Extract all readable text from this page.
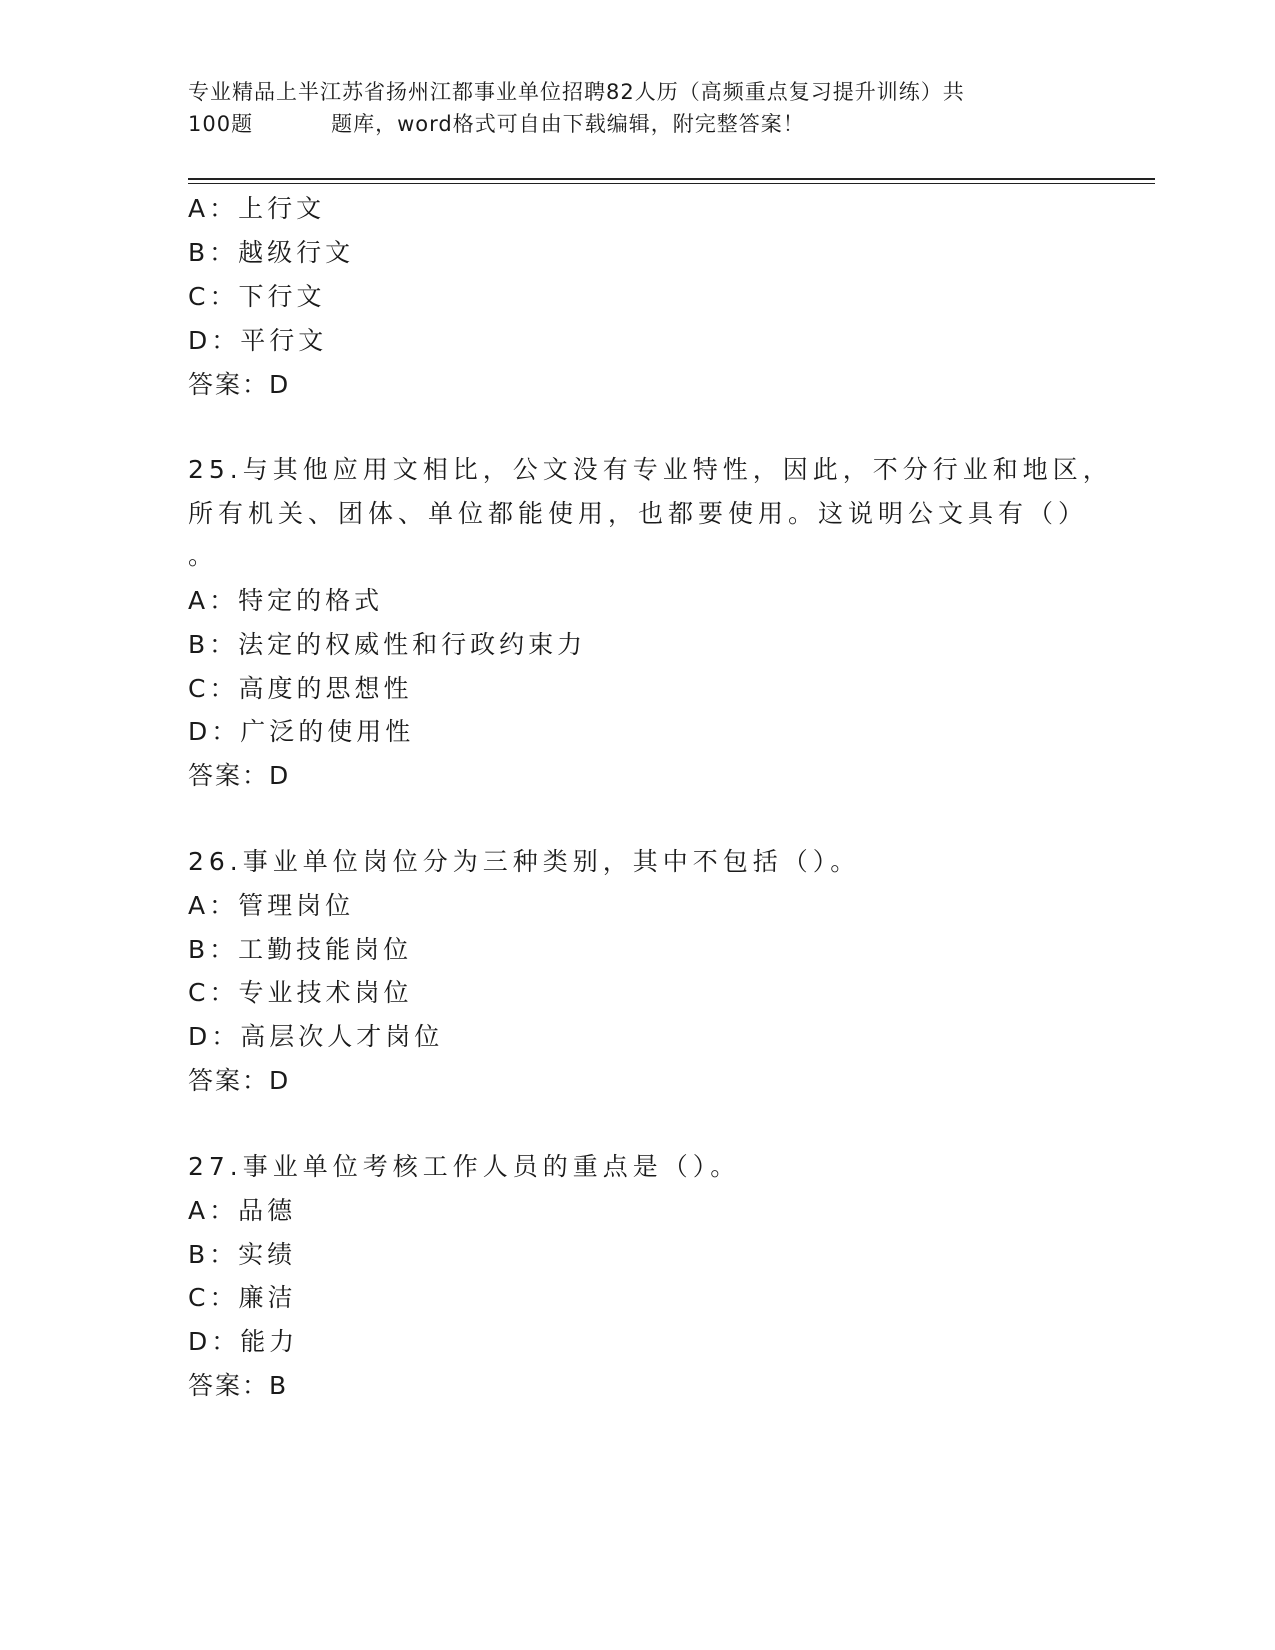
专业精品上半江苏省扬州江都事业单位招聘82人历（高频重点复习提升训练）共
100题	题库，word格式可自由下载编辑，附完整答案！
A：上行文
B：越级行文
C：下行文
D：平行文
答案：D
25.与其他应用文相比，公文没有专业特性，因此，不分行业和地区，
所有机关、团体、单位都能使用，也都要使用。这说明公文具有（）
。
A：特定的格式
B：法定的权威性和行政约束力
C：高度的思想性
D：广泛的使用性
答案：D
26.事业单位岗位分为三种类别，其中不包括（）。
A：管理岗位
B：工勤技能岗位
C：专业技术岗位
D：高层次人才岗位
答案：D
27.事业单位考核工作人员的重点是（）。
A：品德
B：实绩
C：廉洁
D：能力
答案：B
